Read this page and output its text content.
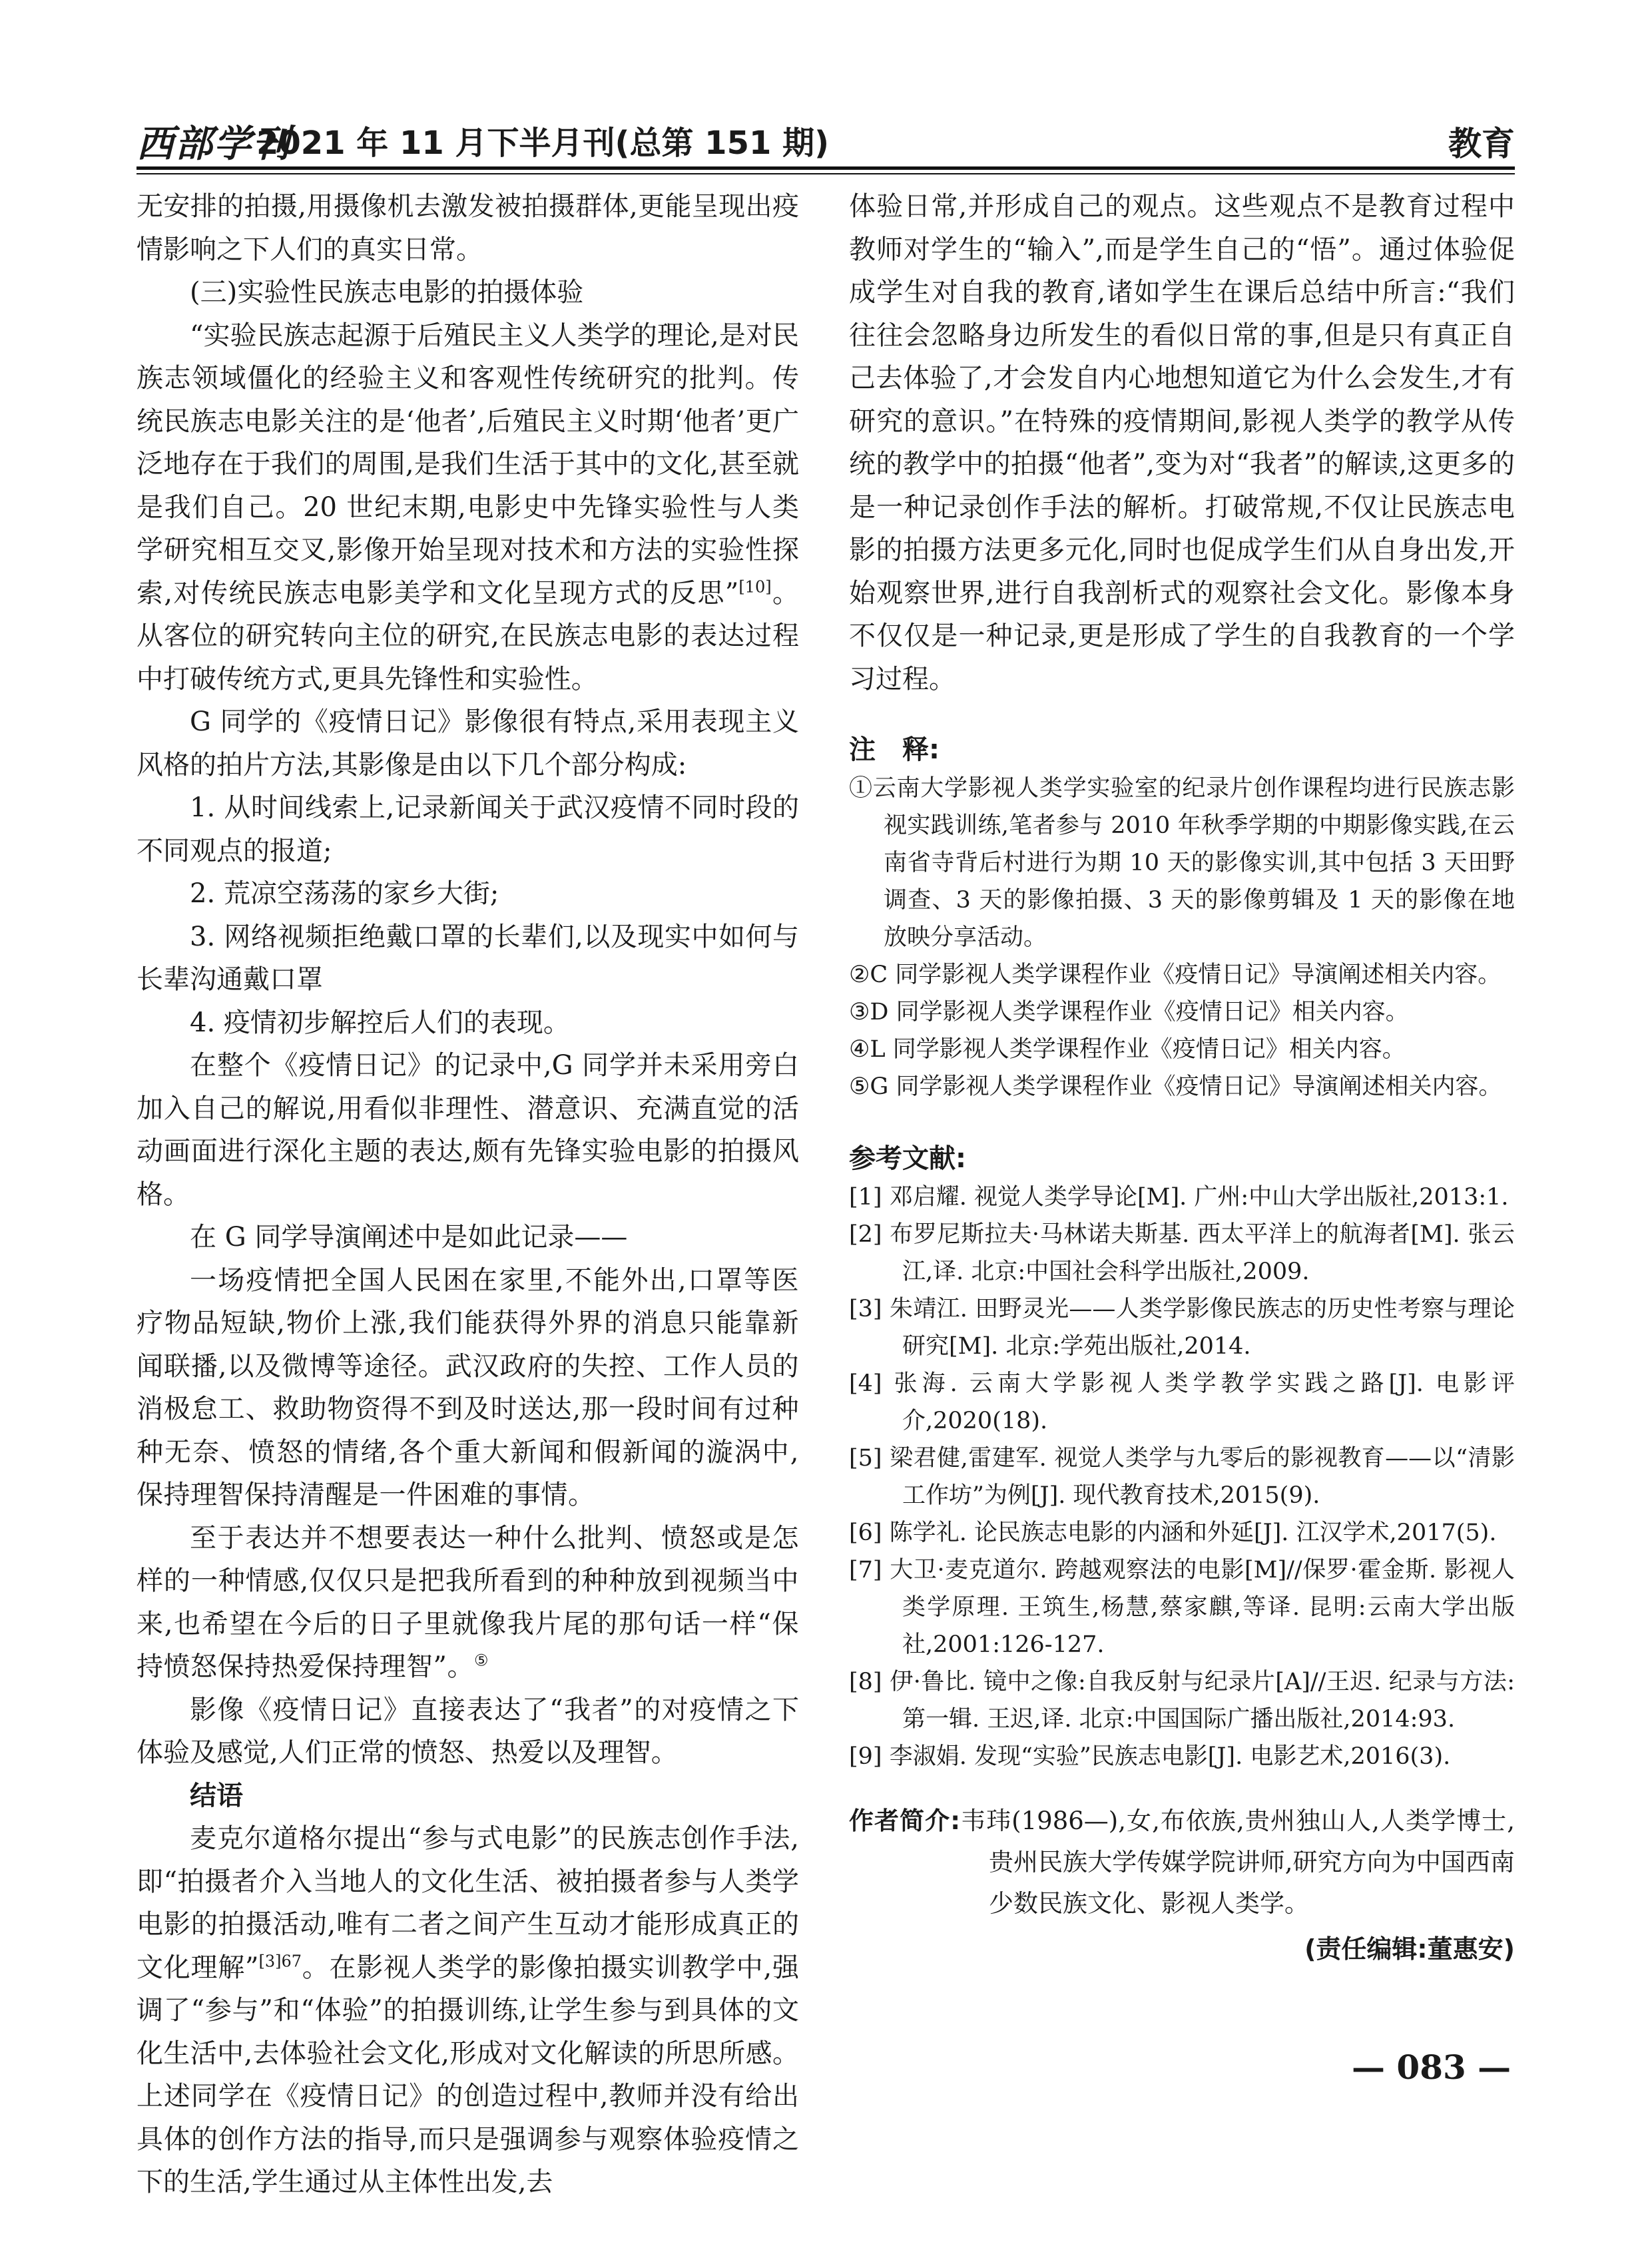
西部学刊
2021 年 11 月下半月刊(总第 151 期)	教育

无安排的拍摄,用摄像机去激发被拍摄群体,更能呈现出疫情影响之下人们的真实日常。

(三)实验性民族志电影的拍摄体验

“实验民族志起源于后殖民主义人类学的理论,是对民族志领域僵化的经验主义和客观性传统研究的批判。传统民族志电影关注的是‘他者’,后殖民主义时期‘他者’更广泛地存在于我们的周围,是我们生活于其中的文化,甚至就是我们自己。20 世纪末期,电影史中先锋实验性与人类学研究相互交叉,影像开始呈现对技术和方法的实验性探索,对传统民族志电影美学和文化呈现方式的反思”[10]。从客位的研究转向主位的研究,在民族志电影的表达过程中打破传统方式,更具先锋性和实验性。

G 同学的《疫情日记》影像很有特点,采用表现主义风格的拍片方法,其影像是由以下几个部分构成:

1. 从时间线索上,记录新闻关于武汉疫情不同时段的不同观点的报道;

2. 荒凉空荡荡的家乡大街;

3. 网络视频拒绝戴口罩的长辈们,以及现实中如何与长辈沟通戴口罩

4. 疫情初步解控后人们的表现。

在整个《疫情日记》的记录中,G 同学并未采用旁白加入自己的解说,用看似非理性、潜意识、充满直觉的活动画面进行深化主题的表达,颇有先锋实验电影的拍摄风格。

在 G 同学导演阐述中是如此记录——

一场疫情把全国人民困在家里,不能外出,口罩等医疗物品短缺,物价上涨,我们能获得外界的消息只能靠新闻联播,以及微博等途径。武汉政府的失控、工作人员的消极怠工、救助物资得不到及时送达,那一段时间有过种种无奈、愤怒的情绪,各个重大新闻和假新闻的漩涡中,保持理智保持清醒是一件困难的事情。

至于表达并不想要表达一种什么批判、愤怒或是怎样的一种情感,仅仅只是把我所看到的种种放到视频当中来,也希望在今后的日子里就像我片尾的那句话一样“保持愤怒保持热爱保持理智”。⑤

影像《疫情日记》直接表达了“我者”的对疫情之下体验及感觉,人们正常的愤怒、热爱以及理智。

结语

麦克尔道格尔提出“参与式电影”的民族志创作手法,即“拍摄者介入当地人的文化生活、被拍摄者参与人类学电影的拍摄活动,唯有二者之间产生互动才能形成真正的文化理解”$^{[3]67}$。在影视人类学的影像拍摄实训教学中,强调了“参与”和“体验”的拍摄训练,让学生参与到具体的文化生活中,去体验社会文化,形成对文化解读的所思所感。上述同学在《疫情日记》的创造过程中,教师并没有给出具体的创作方法的指导,而只是强调参与观察体验疫情之下的生活,学生通过从主体性出发,去

体验日常,并形成自己的观点。这些观点不是教育过程中教师对学生的“输入”,而是学生自己的“悟”。通过体验促成学生对自我的教育,诸如学生在课后总结中所言:“我们往往会忽略身边所发生的看似日常的事,但是只有真正自己去体验了,才会发自内心地想知道它为什么会发生,才有研究的意识。”在特殊的疫情期间,影视人类学的教学从传统的教学中的拍摄“他者”,变为对“我者”的解读,这更多的是一种记录创作手法的解析。打破常规,不仅让民族志电影的拍摄方法更多元化,同时也促成学生们从自身出发,开始观察世界,进行自我剖析式的观察社会文化。影像本身不仅仅是一种记录,更是形成了学生的自我教育的一个学习过程。

注　释:

①云南大学影视人类学实验室的纪录片创作课程均进行民族志影视实践训练,笔者参与 2010 年秋季学期的中期影像实践,在云南省寺背后村进行为期 10 天的影像实训,其中包括 3 天田野调查、3 天的影像拍摄、3 天的影像剪辑及 1 天的影像在地放映分享活动。

②C 同学影视人类学课程作业《疫情日记》导演阐述相关内容。

③D 同学影视人类学课程作业《疫情日记》相关内容。

④L 同学影视人类学课程作业《疫情日记》相关内容。

⑤G 同学影视人类学课程作业《疫情日记》导演阐述相关内容。

参考文献:

[1] 邓启耀. 视觉人类学导论[M]. 广州:中山大学出版社,2013:1.

[2] 布罗尼斯拉夫·马林诺夫斯基. 西太平洋上的航海者[M]. 张云江,译. 北京:中国社会科学出版社,2009.

[3] 朱靖江. 田野灵光——人类学影像民族志的历史性考察与理论研究[M]. 北京:学苑出版社,2014.

[4] 张海. 云南大学影视人类学教学实践之路[J]. 电影评介,2020(18).

[5] 梁君健,雷建军. 视觉人类学与九零后的影视教育——以“清影工作坊”为例[J]. 现代教育技术,2015(9).

[6] 陈学礼. 论民族志电影的内涵和外延[J]. 江汉学术,2017(5).

[7] 大卫·麦克道尔. 跨越观察法的电影[M]//保罗·霍金斯. 影视人类学原理. 王筑生,杨慧,蔡家麒,等译. 昆明:云南大学出版社,2001:126-127.

[8] 伊·鲁比. 镜中之像:自我反射与纪录片[A]//王迟. 纪录与方法:第一辑. 王迟,译. 北京:中国国际广播出版社,2014:93.

[9] 李淑娟. 发现“实验”民族志电影[J]. 电影艺术,2016(3).

作者简介:韦玮(1986—),女,布依族,贵州独山人,人类学博士,贵州民族大学传媒学院讲师,研究方向为中国西南少数民族文化、影视人类学。

(责任编辑:董惠安)

— 083 —
